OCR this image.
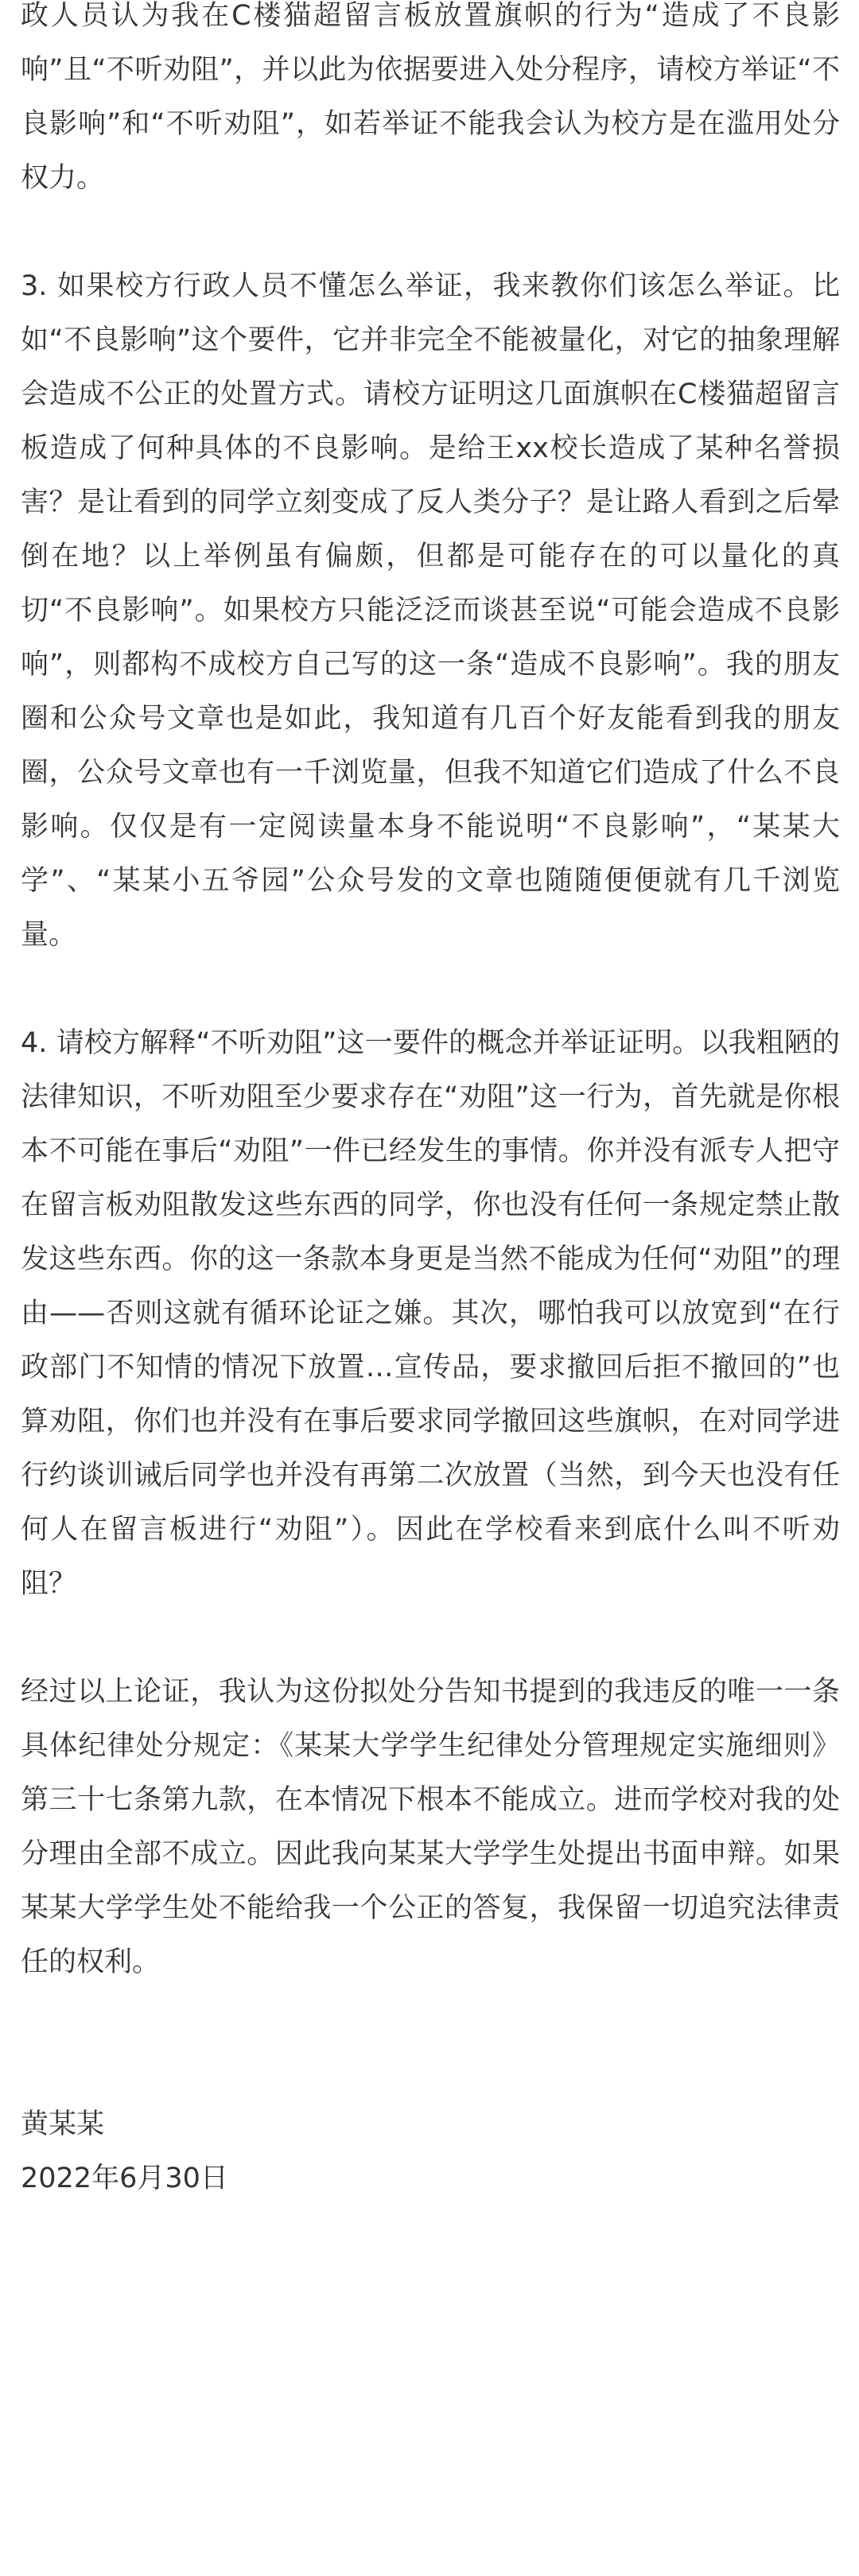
政人员认为我在C楼猫超留言板放置旗帜的行为“造成了不良影响”且“不听劝阻”，并以此为依据要进入处分程序，请校方举证“不良影响”和“不听劝阻”，如若举证不能我会认为校方是在滥用处分权力。

3. 如果校方行政人员不懂怎么举证，我来教你们该怎么举证。比如“不良影响”这个要件，它并非完全不能被量化，对它的抽象理解会造成不公正的处置方式。请校方证明这几面旗帜在C楼猫超留言板造成了何种具体的不良影响。是给王xx校长造成了某种名誉损害？是让看到的同学立刻变成了反人类分子？是让路人看到之后晕倒在地？以上举例虽有偏颇，但都是可能存在的可以量化的真切“不良影响”。如果校方只能泛泛而谈甚至说“可能会造成不良影响”，则都构不成校方自己写的这一条“造成不良影响”。我的朋友圈和公众号文章也是如此，我知道有几百个好友能看到我的朋友圈，公众号文章也有一千浏览量，但我不知道它们造成了什么不良影响。仅仅是有一定阅读量本身不能说明“不良影响”，“某某大学”、“某某小五爷园”公众号发的文章也随随便便就有几千浏览量。

4. 请校方解释“不听劝阻”这一要件的概念并举证证明。以我粗陋的法律知识，不听劝阻至少要求存在“劝阻”这一行为，首先就是你根本不可能在事后“劝阻”一件已经发生的事情。你并没有派专人把守在留言板劝阻散发这些东西的同学，你也没有任何一条规定禁止散发这些东西。你的这一条款本身更是当然不能成为任何“劝阻”的理由——否则这就有循环论证之嫌。其次，哪怕我可以放宽到“在行政部门不知情的情况下放置…宣传品，要求撤回后拒不撤回的”也算劝阻，你们也并没有在事后要求同学撤回这些旗帜，在对同学进行约谈训诫后同学也并没有再第二次放置（当然，到今天也没有任何人在留言板进行“劝阻”）。因此在学校看来到底什么叫不听劝阻？

经过以上论证，我认为这份拟处分告知书提到的我违反的唯一一条具体纪律处分规定：《某某大学学生纪律处分管理规定实施细则》第三十七条第九款，在本情况下根本不能成立。进而学校对我的处分理由全部不成立。因此我向某某大学学生处提出书面申辩。如果某某大学学生处不能给我一个公正的答复，我保留一切追究法律责任的权利。

黄某某

2022年6月30日
